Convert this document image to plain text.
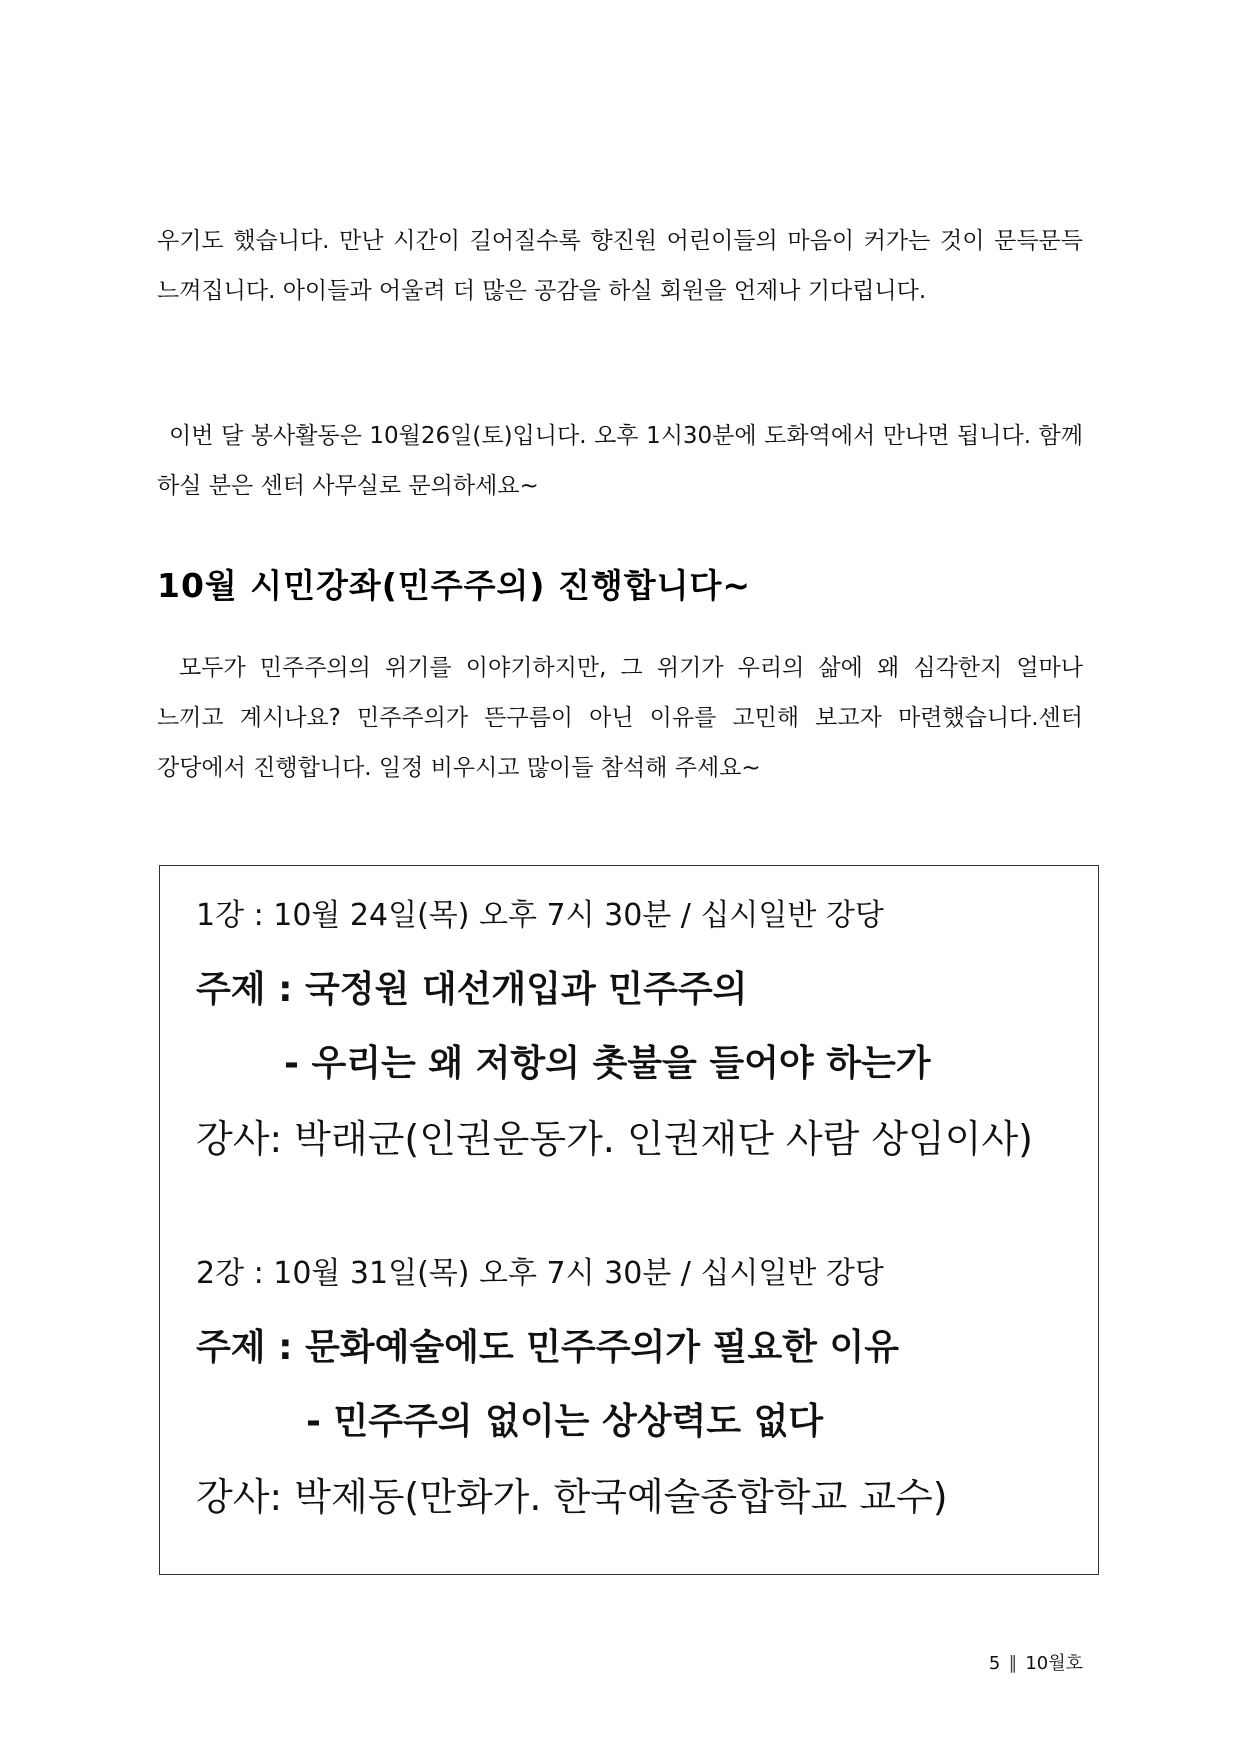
우기도 했습니다. 만난 시간이 길어질수록 향진원 어린이들의 마음이 커가는 것이 문득문득 느껴집니다. 아이들과 어울려 더 많은 공감을 하실 회원을 언제나 기다립니다.

이번 달 봉사활동은 10월26일(토)입니다. 오후 1시30분에 도화역에서 만나면 됩니다. 함께 하실 분은 센터 사무실로 문의하세요~

10월 시민강좌(민주주의) 진행합니다~

모두가 민주주의의 위기를 이야기하지만, 그 위기가 우리의 삶에 왜 심각한지 얼마나 느끼고 계시나요? 민주주의가 뜬구름이 아닌 이유를 고민해 보고자 마련했습니다.센터 강당에서 진행합니다. 일정 비우시고 많이들 참석해 주세요~

1강 : 10월 24일(목) 오후 7시 30분 / 십시일반 강당
주제 : 국정원 대선개입과 민주주의
- 우리는 왜 저항의 촛불을 들어야 하는가
강사: 박래군(인권운동가. 인권재단 사람 상임이사)
2강 : 10월 31일(목) 오후 7시 30분 / 십시일반 강당
주제 : 문화예술에도 민주주의가 필요한 이유
- 민주주의 없이는 상상력도 없다
강사: 박제동(만화가. 한국예술종합학교 교수)
5 ∥ 10월호
